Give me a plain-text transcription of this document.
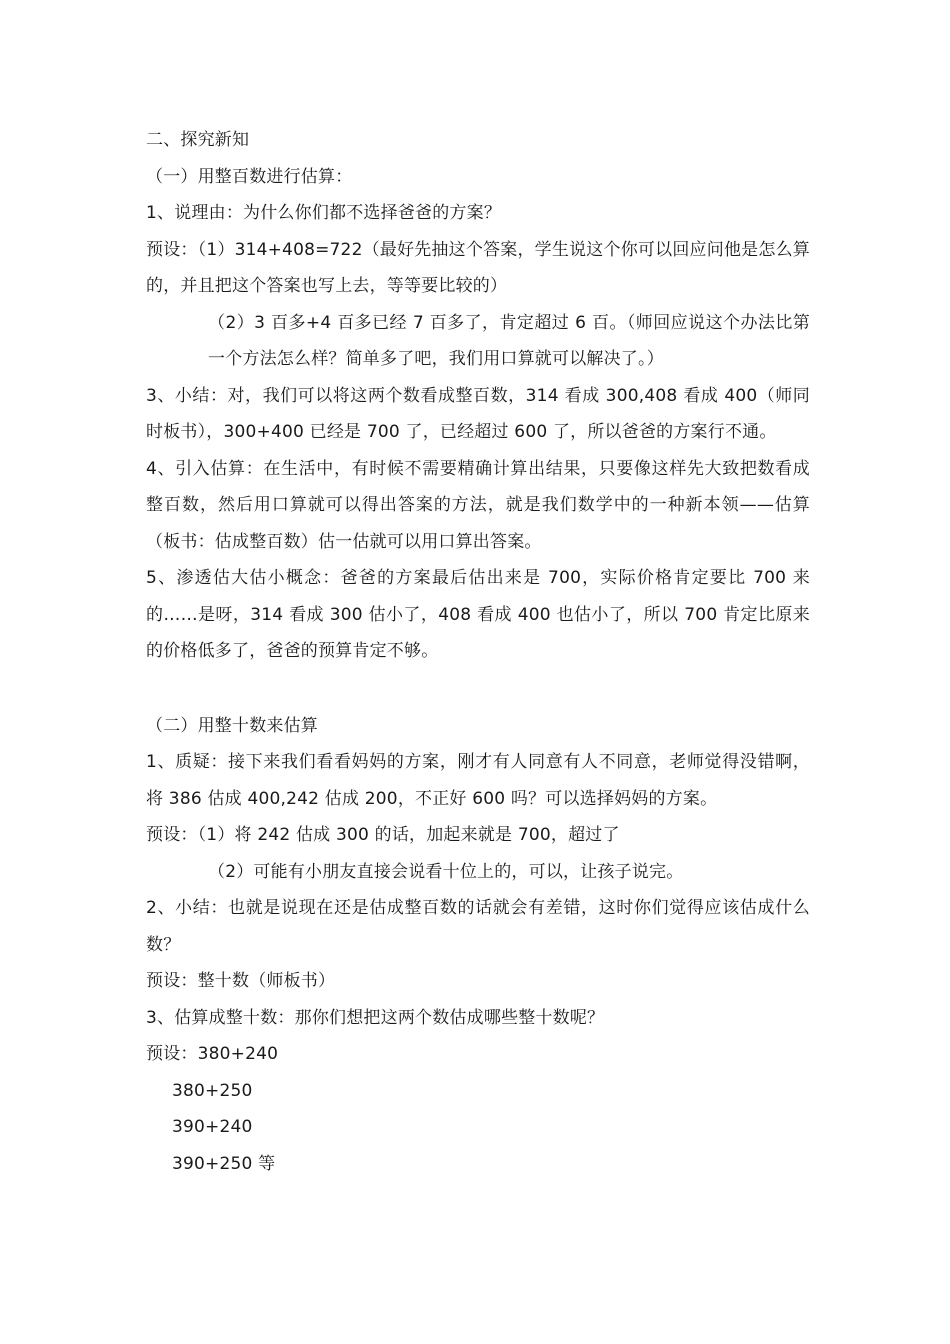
二、探究新知
（一）用整百数进行估算：
1、说理由：为什么你们都不选择爸爸的方案？
预设：（1）314+408=722（最好先抽这个答案，学生说这个你可以回应问他是怎么算的，并且把这个答案也写上去，等等要比较的）
（2）3 百多+4 百多已经 7 百多了，肯定超过 6 百。（师回应说这个办法比第一个方法怎么样？简单多了吧，我们用口算就可以解决了。）
3、小结：对，我们可以将这两个数看成整百数，314 看成 300,408 看成 400（师同时板书），300+400 已经是 700 了，已经超过 600 了，所以爸爸的方案行不通。
4、引入估算：在生活中，有时候不需要精确计算出结果，只要像这样先大致把数看成整百数，然后用口算就可以得出答案的方法，就是我们数学中的一种新本领——估算（板书：估成整百数）估一估就可以用口算出答案。
5、渗透估大估小概念：爸爸的方案最后估出来是 700，实际价格肯定要比 700 来的……是呀，314 看成 300 估小了，408 看成 400 也估小了，所以 700 肯定比原来的价格低多了，爸爸的预算肯定不够。
（二）用整十数来估算
1、质疑：接下来我们看看妈妈的方案，刚才有人同意有人不同意，老师觉得没错啊，将 386 估成 400,242 估成 200，不正好 600 吗？可以选择妈妈的方案。
预设：（1）将 242 估成 300 的话，加起来就是 700，超过了
（2）可能有小朋友直接会说看十位上的，可以，让孩子说完。
2、小结：也就是说现在还是估成整百数的话就会有差错，这时你们觉得应该估成什么数？
预设：整十数（师板书）
3、估算成整十数：那你们想把这两个数估成哪些整十数呢？
预设：380+240
380+250
390+240
390+250 等
